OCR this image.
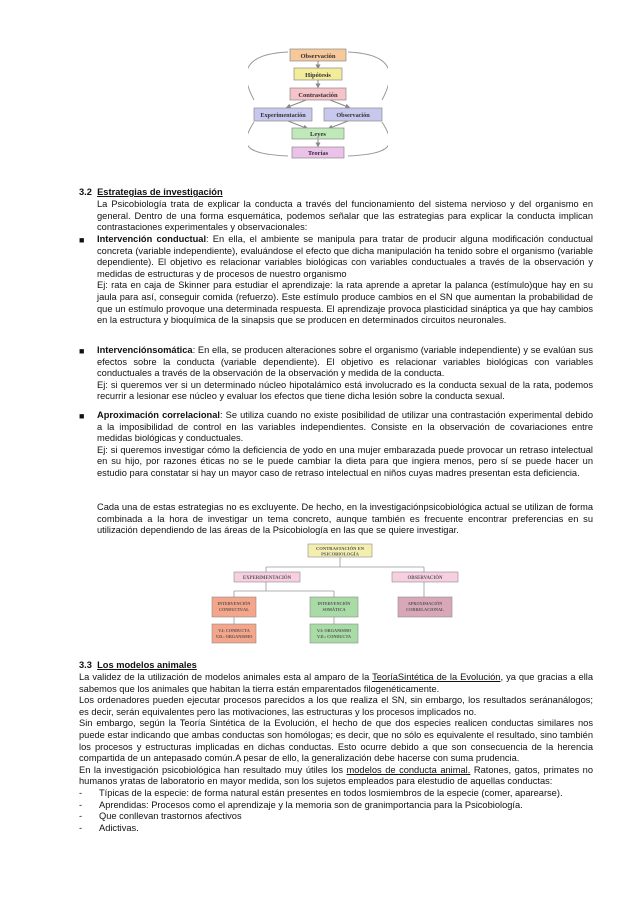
Observación
Hipótesis
Contrastación
Experimentación	Observación
Leyes
Teorías
3.2 Estrategias de investigación

La Psicobiología trata de explicar la conducta a través del funcionamiento del sistema nervioso y del organismo en general. Dentro de una forma esquemática, podemos señalar que las estrategias para explicar la conducta implican contrastaciones experimentales y observacionales:

■ Intervención conductual: En ella, el ambiente se manipula para tratar de producir alguna modificación conductual concreta (variable independiente), evaluándose el efecto que dicha manipulación ha tenido sobre el organismo (variable dependiente). El objetivo es relacionar variables biológicas con variables conductuales a través de la observación y medidas de estructuras y de procesos de nuestro organismo

Ej: rata en caja de Skinner para estudiar el aprendizaje: la rata aprende a apretar la palanca (estímulo)que hay en su jaula para así, conseguir comida (refuerzo). Este estímulo produce cambios en el SN que aumentan la probabilidad de que un estímulo provoque una determinada respuesta. El aprendizaje provoca plasticidad sináptica ya que hay cambios en la estructura y bioquímica de la sinapsis que se producen en determinados circuitos neuronales.

■ Intervenciónsomática: En ella, se producen alteraciones sobre el organismo (variable independiente) y se evalúan sus efectos sobre la conducta (variable dependiente). El objetivo es relacionar variables biológicas con variables conductuales a través de la observación de la observación y medida de la conducta.

Ej: si queremos ver si un determinado núcleo hipotalámico está involucrado es la conducta sexual de la rata, podemos recurrir a lesionar ese núcleo y evaluar los efectos que tiene dicha lesión sobre la conducta sexual.

■ Aproximación correlacional: Se utiliza cuando no existe posibilidad de utilizar una contrastación experimental debido a la imposibilidad de control en las variables independientes. Consiste en la observación de covariaciones entre medidas biológicas y conductuales.

Ej: si queremos investigar cómo la deficiencia de yodo en una mujer embarazada puede provocar un retraso intelectual en su hijo, por razones éticas no se le puede cambiar la dieta para que ingiera menos, pero sí se puede hacer un estudio para constatar si hay un mayor caso de retraso intelectual en niños cuyas madres presentan esta deficiencia.

Cada una de estas estrategias no es excluyente. De hecho, en la investigaciónpsicobiológica actual se utilizan de forma combinada a la hora de investigar un tema concreto, aunque también es frecuente encontrar preferencias en su utilización dependiendo de las áreas de la Psicobiología en las que se quiere investigar.

CONTRASTACIÓN EN
PSICOBIOLOGÍA
EXPERIMENTACIÓN	OBSERVACIÓN
INTERVENCIÓN
CONDUCTUAL
INTERVENCIÓN
SOMÁTICA
APROXIMACIÓN
CORRELACIONAL
V.I: CONDUCTA
V.D.: ORGANISMO
V.I: ORGANISMO
V.D.: CONDUCTA
3.3 Los modelos animales

La validez de la utilización de modelos animales esta al amparo de la TeoríaSintética de la Evolución, ya que gracias a ella sabemos que los animales que habitan la tierra están emparentados filogenéticamente.

Los ordenadores pueden ejecutar procesos parecidos a los que realiza el SN, sin embargo, los resultados seránanálogos; es decir, serán equivalentes pero las motivaciones, las estructuras y los procesos implicados no.

Sin embargo, según la Teoría Sintética de la Evolución, el hecho de que dos especies realicen conductas similares nos puede estar indicando que ambas conductas son homólogas; es decir, que no sólo es equivalente el resultado, sino también los procesos y estructuras implicadas en dichas conductas. Esto ocurre debido a que son consecuencia de la herencia compartida de un antepasado común.A pesar de ello, la generalización debe hacerse con suma prudencia.

En la investigación psicobiológica han resultado muy útiles los modelos de conducta animal. Ratones, gatos, primates no humanos yratas de laboratorio en mayor medida, son los sujetos empleados para elestudio de aquellas conductas:

-	Típicas de la especie: de forma natural están presentes en todos losmiembros de la especie (comer, aparearse).
-	Aprendidas: Procesos como el aprendizaje y la memoria son de granimportancia para la Psicobiología.
-	Que conllevan trastornos afectivos
-	Adictivas.
